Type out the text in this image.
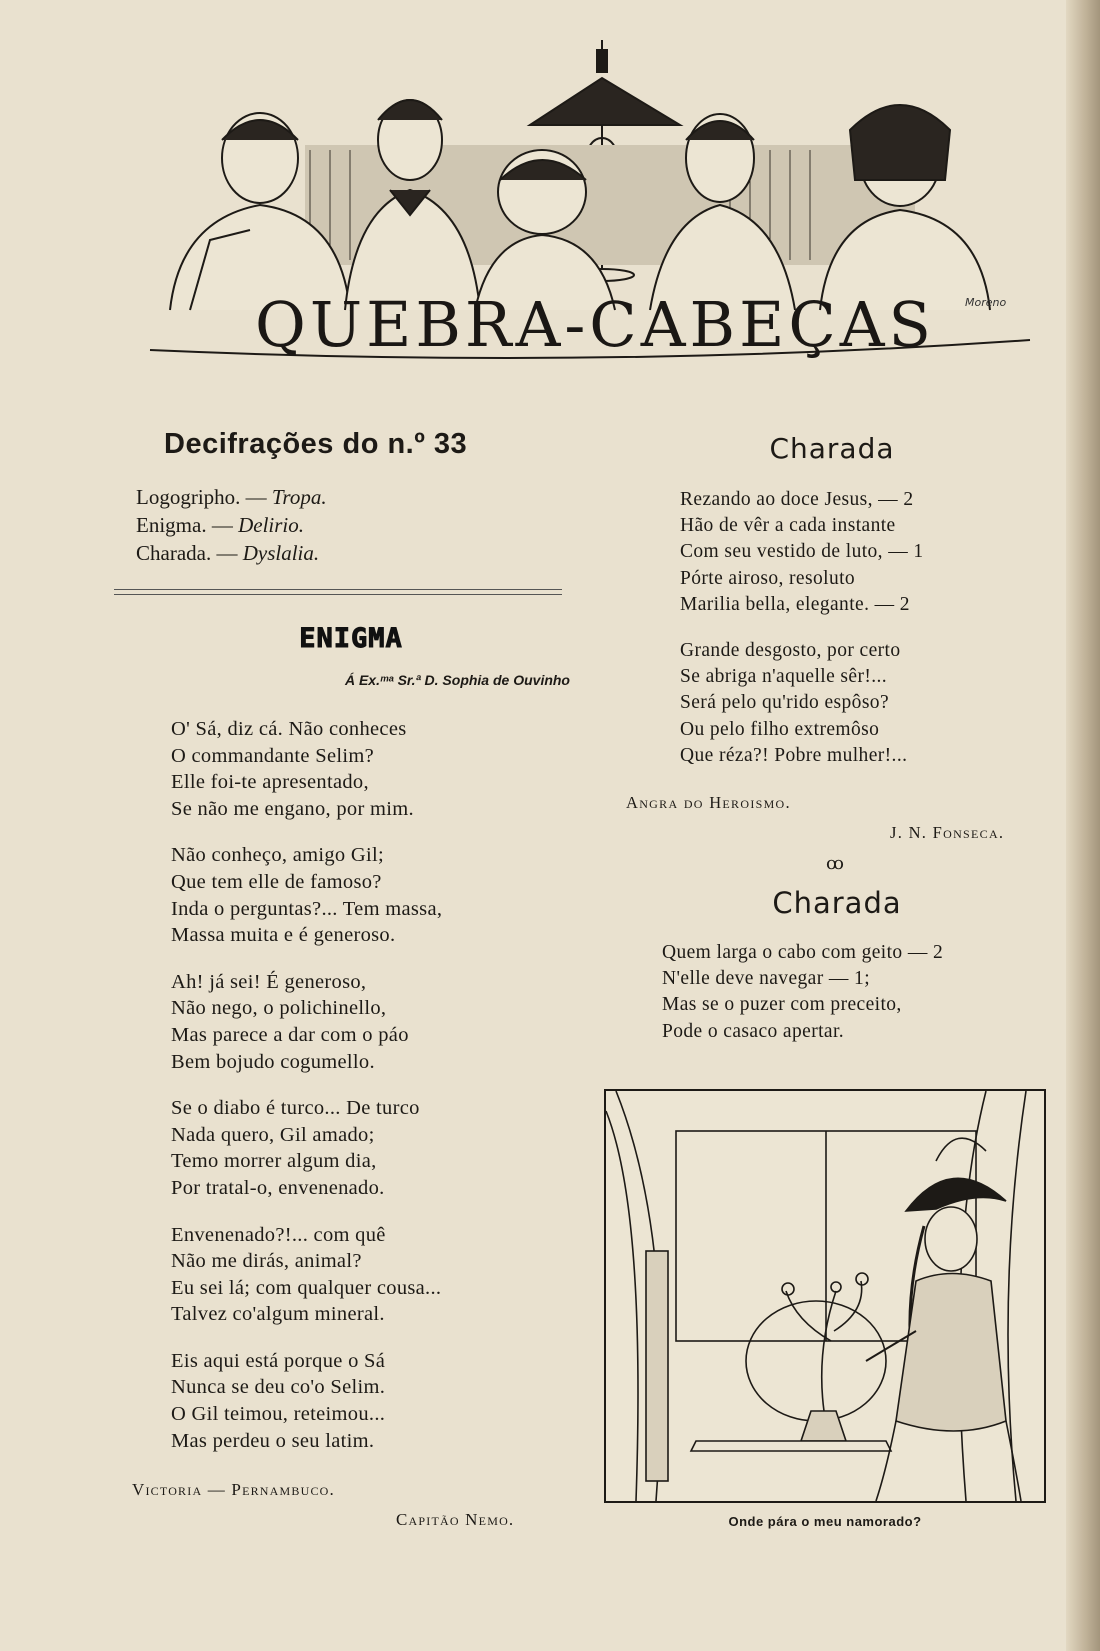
QUEBRA-CABEÇAS	Moreno
Decifrações do n.º 33
Logogripho. — Tropa.
Enigma. — Delirio.
Charada. — Dyslalia.
ENIGMA
Á Ex.ᵐᵃ Sr.ª D. Sophia de Ouvinho
O' Sá, diz cá. Não conheces
O commandante Selim?
Elle foi-te apresentado,
Se não me engano, por mim.
Não conheço, amigo Gil;
Que tem elle de famoso?
Inda o perguntas?... Tem massa,
Massa muita e é generoso.
Ah! já sei! É generoso,
Não nego, o polichinello,
Mas parece a dar com o páo
Bem bojudo cogumello.
Se o diabo é turco... De turco
Nada quero, Gil amado;
Temo morrer algum dia,
Por tratal-o, envenenado.
Envenenado?!... com quê
Não me dirás, animal?
Eu sei lá; com qualquer cousa...
Talvez co'algum mineral.
Eis aqui está porque o Sá
Nunca se deu co'o Selim.
O Gil teimou, reteimou...
Mas perdeu o seu latim.
Victoria — Pernambuco.
Capitão Nemo.
Charada
Rezando ao doce Jesus, — 2
Hão de vêr a cada instante
Com seu vestido de luto, — 1
Pórte airoso, resoluto
Marilia bella, elegante. — 2
Grande desgosto, por certo
Se abriga n'aquelle sêr!...
Será pelo qu'rido espôso?
Ou pelo filho extremôso
Que réza?! Pobre mulher!...
Angra do Heroismo.
J. N. Fonseca.
ꝏ
Charada
Quem larga o cabo com geito — 2
N'elle deve navegar — 1;
Mas se o puzer com preceito,
Pode o casaco apertar.
Onde pára o meu namorado?
